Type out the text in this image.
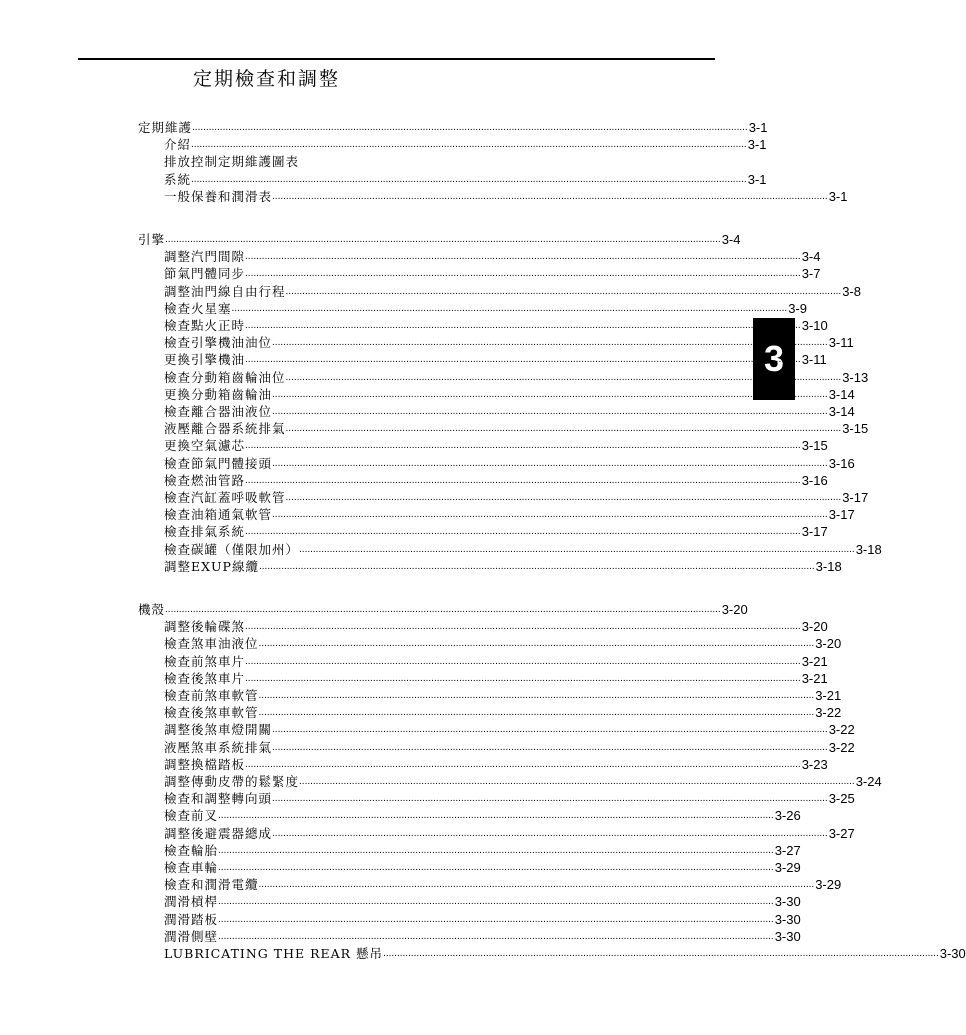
定期檢查和調整
3
定期維護 ........................................................................................................................................................................................................ 3-1
介紹 ........................................................................................................................................................................................................ 3-1
排放控制定期維護圖表
系統 ........................................................................................................................................................................................................ 3-1
一般保養和潤滑表 ........................................................................................................................................................................................................ 3-1
引擎 ........................................................................................................................................................................................................ 3-4
調整汽門間隙 ........................................................................................................................................................................................................ 3-4
節氣門體同步 ........................................................................................................................................................................................................ 3-7
調整油門線自由行程 ........................................................................................................................................................................................................ 3-8
檢查火星塞 ........................................................................................................................................................................................................ 3-9
檢查點火正時 ........................................................................................................................................................................................................ 3-10
檢查引擎機油油位 ........................................................................................................................................................................................................ 3-11
更換引擎機油 ........................................................................................................................................................................................................ 3-11
檢查分動箱齒輪油位 ........................................................................................................................................................................................................ 3-13
更換分動箱齒輪油 ........................................................................................................................................................................................................ 3-14
檢查離合器油液位 ........................................................................................................................................................................................................ 3-14
液壓離合器系統排氣 ........................................................................................................................................................................................................ 3-15
更換空氣濾芯 ........................................................................................................................................................................................................ 3-15
檢查節氣門體接頭 ........................................................................................................................................................................................................ 3-16
檢查燃油管路 ........................................................................................................................................................................................................ 3-16
檢查汽缸蓋呼吸軟管 ........................................................................................................................................................................................................ 3-17
檢查油箱通氣軟管 ........................................................................................................................................................................................................ 3-17
檢查排氣系統 ........................................................................................................................................................................................................ 3-17
檢查碳罐（僅限加州） ........................................................................................................................................................................................................ 3-18
調整EXUP線纜 ........................................................................................................................................................................................................ 3-18
機殼 ........................................................................................................................................................................................................ 3-20
調整後輪碟煞 ........................................................................................................................................................................................................ 3-20
檢查煞車油液位 ........................................................................................................................................................................................................ 3-20
檢查前煞車片 ........................................................................................................................................................................................................ 3-21
檢查後煞車片 ........................................................................................................................................................................................................ 3-21
檢查前煞車軟管 ........................................................................................................................................................................................................ 3-21
檢查後煞車軟管 ........................................................................................................................................................................................................ 3-22
調整後煞車燈開關 ........................................................................................................................................................................................................ 3-22
液壓煞車系統排氣 ........................................................................................................................................................................................................ 3-22
調整換檔踏板 ........................................................................................................................................................................................................ 3-23
調整傳動皮帶的鬆緊度 ........................................................................................................................................................................................................ 3-24
檢查和調整轉向頭 ........................................................................................................................................................................................................ 3-25
檢查前叉 ........................................................................................................................................................................................................ 3-26
調整後避震器總成 ........................................................................................................................................................................................................ 3-27
檢查輪胎 ........................................................................................................................................................................................................ 3-27
檢查車輪 ........................................................................................................................................................................................................ 3-29
檢查和潤滑電纜 ........................................................................................................................................................................................................ 3-29
潤滑槓桿 ........................................................................................................................................................................................................ 3-30
潤滑踏板 ........................................................................................................................................................................................................ 3-30
潤滑側壁 ........................................................................................................................................................................................................ 3-30
LUBRICATING THE REAR 懸吊 ........................................................................................................................................................................................................ 3-30
